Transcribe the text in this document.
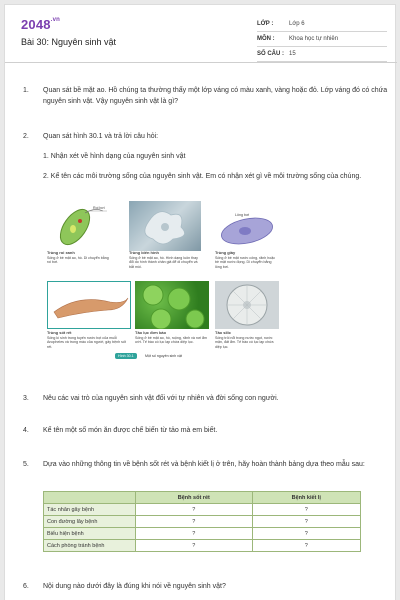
$2048^{.vn}$
Bài 30: Nguyên sinh vật
LỚP :	Lớp 6
MÔN :	Khoa học tự nhiên
SỐ CÂU : 15
1. Quan sát bề mặt ao. Hồ chúng ta thường thấy một lớp váng có màu xanh, vàng hoặc đỏ. Lớp váng đó có chứa nguyên sinh vật. Vậy nguyên sinh vật là gì?
2. Quan sát hình 30.1 và trả lời câu hỏi:
1. Nhận xét về hình dạng của nguyên sinh vật
2. Kể tên các môi trường sống của nguyên sinh vật. Em có nhận xét gì về môi trường sống của chúng.
Roi bơi
Lông bơi
Trùng roi xanh
Sống ở bề mặt ao, hồ. Di chuyển bằng roi bơi.
Trùng biến hình
Sống ở bề mặt ao, hồ. Hình dạng luôn thay đổi do hình thành chân giả để di chuyển và bắt mồi.
Trùng giày
Sống ở bề mặt nước cống, rãnh hoặc bề mặt nước đọng. Di chuyển bằng lông bơi.
Trùng sốt rét
Sống kí sinh trong tuyến nước bọt của muỗi Anopheles và trong máu của người, gây bệnh sốt rét.
Tảo lục đơn bào
Sống ở bề mặt ao, hồ, ruộng, rãnh và nơi ẩm ướt. Tế bào có lục lạp chứa diệp lục.
Tảo silic
Sống trôi nổi trong nước ngọt, nước mặn, đất ẩm. Tế bào có lục lạp chứa diệp lục.
Hình 30.1	Một số nguyên sinh vật
3. Nêu các vai trò của nguyên sinh vật đối với tự nhiên và đời sống con người.
4. Kể tên một số món ăn được chế biến từ tảo mà em biết.
5. Dựa vào những thông tin về bệnh sốt rét và bệnh kiết lị ở trên, hãy hoàn thành bảng dựa theo mẫu sau:
	Bệnh sốt rét	Bệnh kiết lị
Tác nhân gây bệnh	?	?
Con đường lây bệnh	?	?
Biểu hiện bệnh	?	?
Cách phòng tránh bệnh	?	?
6. Nội dung nào dưới đây là đúng khi nói về nguyên sinh vật?
